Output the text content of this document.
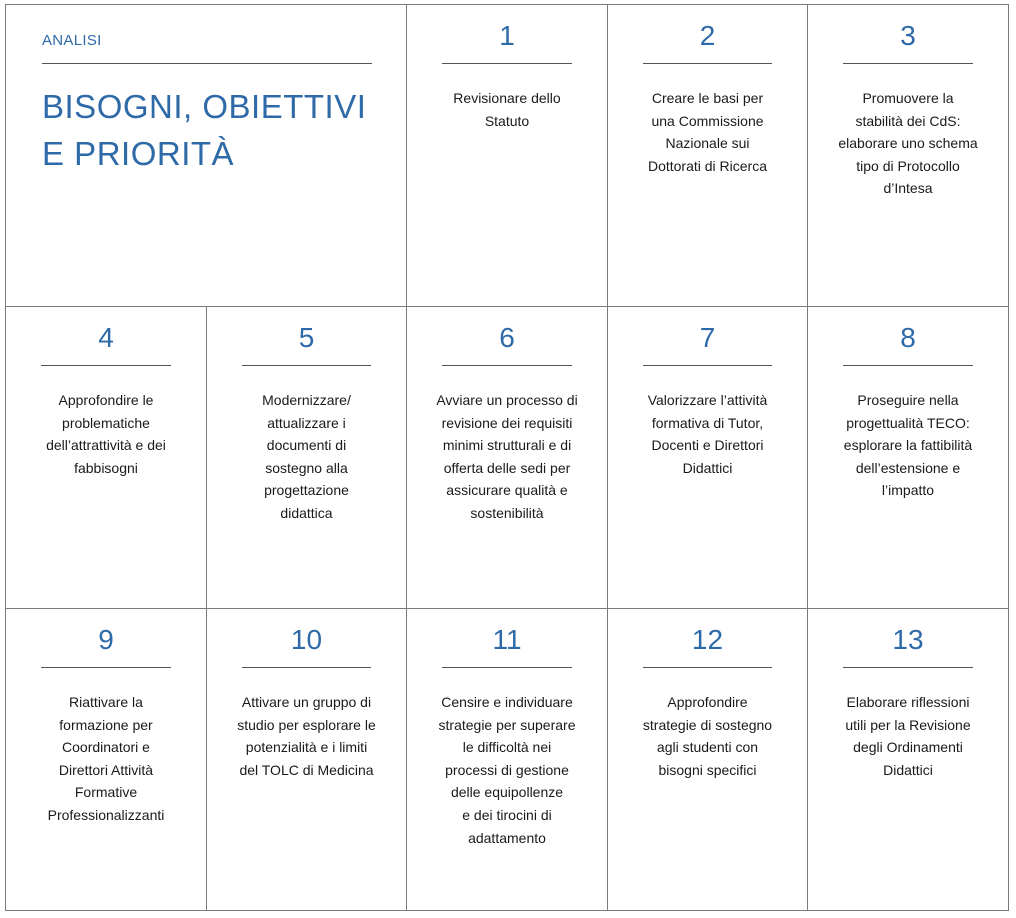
ANALISI
BISOGNI, OBIETTIVI
E PRIORITÀ
1
Revisionare dello
Statuto
2
Creare le basi per
una Commissione
Nazionale sui
Dottorati di Ricerca
3
Promuovere la
stabilità dei CdS:
elaborare uno schema
tipo di Protocollo
d’Intesa
4
Approfondire le
problematiche
dell’attrattività e dei
fabbisogni
5
Modernizzare/
attualizzare i
documenti di
sostegno alla
progettazione
didattica
6
Avviare un processo di
revisione dei requisiti
minimi strutturali e di
offerta delle sedi per
assicurare qualità e
sostenibilità
7
Valorizzare l’attività
formativa di Tutor,
Docenti e Direttori
Didattici
8
Proseguire nella
progettualità TECO:
esplorare la fattibilità
dell’estensione e
l’impatto
9
Riattivare la
formazione per
Coordinatori e
Direttori Attività
Formative
Professionalizzanti
10
Attivare un gruppo di
studio per esplorare le
potenzialità e i limiti
del TOLC di Medicina
11
Censire e individuare
strategie per superare
le difficoltà nei
processi di gestione
delle equipollenze
e dei tirocini di
adattamento
12
Approfondire
strategie di sostegno
agli studenti con
bisogni specifici
13
Elaborare riflessioni
utili per la Revisione
degli Ordinamenti
Didattici
